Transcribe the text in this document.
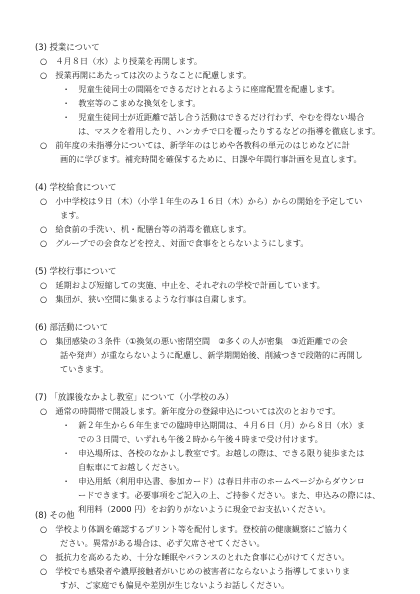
(3) 授業について
○　４月８日（水）より授業を再開します。
○　授業再開にあたっては次のようなことに配慮します。
・　児童生徒同士の間隔をできるだけとれるように座席配置を配慮します。
・　教室等のこまめな換気をします。
・　児童生徒同士が近距離で話し合う活動はできるだけ行わず、やむを得ない場合
は、マスクを着用したり、ハンカチで口を覆ったりするなどの指導を徹底します。
○　前年度の未指導分については、新学年のはじめや各教科の単元のはじめなどに計
画的に学びます。補充時間を確保するために、日課や年間行事計画を見直します。
(4) 学校給食について
○　小中学校は９日（木）（小学１年生のみ１６日（木）から）からの開始を予定してい
ます。
○　給食前の手洗い、机・配膳台等の消毒を徹底します。
○　グループでの会食などを控え、対面で食事をとらないようにします。
(5) 学校行事について
○　延期および短縮しての実施、中止を、それぞれの学校で計画しています。
○　集団が、狭い空間に集まるような行事は自粛します。
(6) 部活動について
○　集団感染の３条件（①換気の悪い密閉空間　②多くの人が密集　③近距離での会
話や発声）が重ならないように配慮し、新学期開始後、削減つきで段階的に再開し
ていきます。
(7) 「放課後なかよし教室」について（小学校のみ）
○　通常の時間帯で開設します。新年度分の登録申込については次のとおりです。
・　新２年生から６年生までの臨時申込期間は、４月６日（月）から８日（水）ま
での３日間で、いずれも午後２時から午後４時まで受け付けます。
・　申込場所は、各校のなかよし教室です。お越しの際は、できる限り徒歩または
自転車にてお越しください。
・　申込用紙（利用申込書、参加カード）は春日井市のホームページからダウンロ
ードできます。必要事項をご記入の上、ご持参ください。また、申込みの際には、
利用料（2000 円）をお釣りがないように現金でお支払いください。
(8) その他
○　学校より体調を確認するプリント等を配付します。登校前の健康観察にご協力く
ださい。異常がある場合は、必ず欠席させてください。
○　抵抗力を高めるため、十分な睡眠やバランスのとれた食事に心がけてください。
○　学校でも感染者や濃厚接触者がいじめの被害者にならないよう指導してまいりま
すが、ご家庭でも偏見や差別が生じないようお話しください。
